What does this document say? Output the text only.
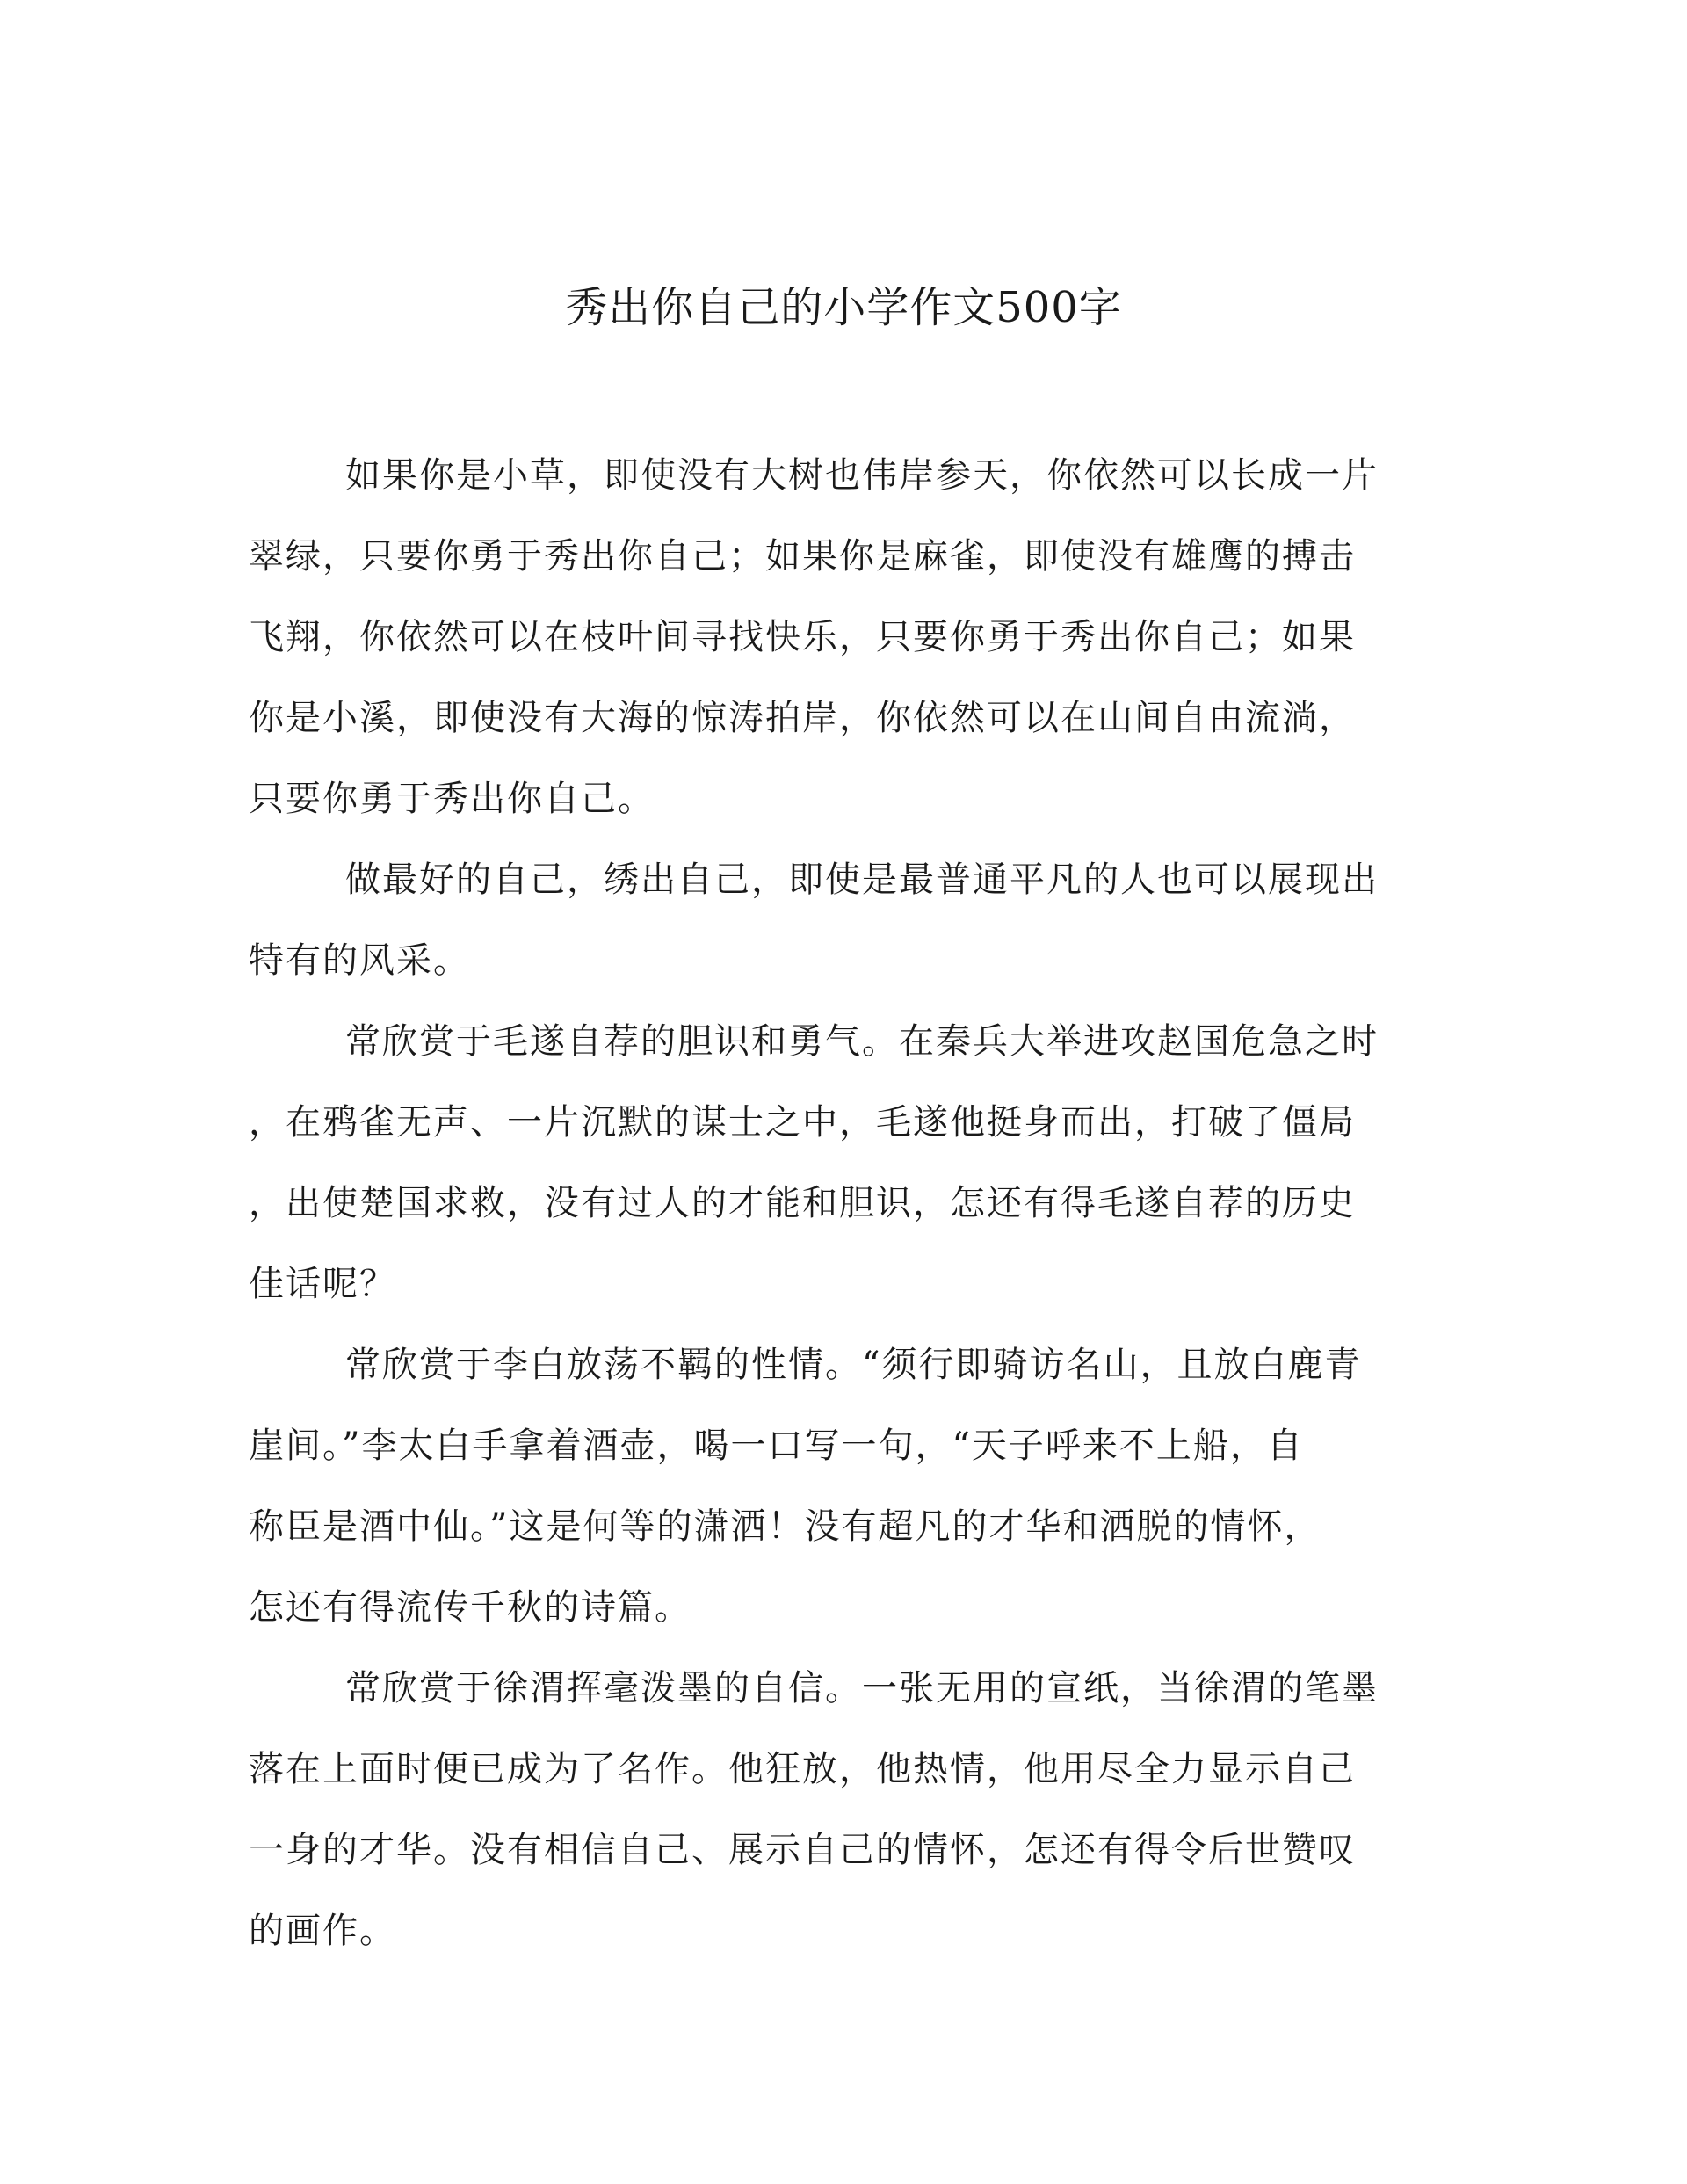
秀出你自己的小学作文500字

如果你是小草，即使没有大树也伟岸参天，你依然可以长成一片
翠绿，只要你勇于秀出你自己；如果你是麻雀，即使没有雄鹰的搏击
飞翔，你依然可以在枝叶间寻找快乐，只要你勇于秀出你自己；如果
你是小溪，即使没有大海的惊涛拍岸，你依然可以在山间自由流淌，
只要你勇于秀出你自己。

做最好的自己，绣出自己，即使是最普通平凡的人也可以展现出
特有的风采。

常欣赏于毛遂自荐的胆识和勇气。在秦兵大举进攻赵国危急之时
，在鸦雀无声、一片沉默的谋士之中，毛遂他挺身而出，打破了僵局
，出使楚国求救，没有过人的才能和胆识，怎还有得毛遂自荐的历史
佳话呢？

常欣赏于李白放荡不羁的性情。“须行即骑访名山，且放白鹿青
崖间。”李太白手拿着酒壶，喝一口写一句，“天子呼来不上船，自
称臣是酒中仙。”这是何等的潇洒！没有超凡的才华和洒脱的情怀，
怎还有得流传千秋的诗篇。

常欣赏于徐渭挥毫泼墨的自信。一张无用的宣纸，当徐渭的笔墨
落在上面时便已成为了名作。他狂放，他热情，他用尽全力显示自己
一身的才华。没有相信自己、展示自己的情怀，怎还有得令后世赞叹
的画作。
